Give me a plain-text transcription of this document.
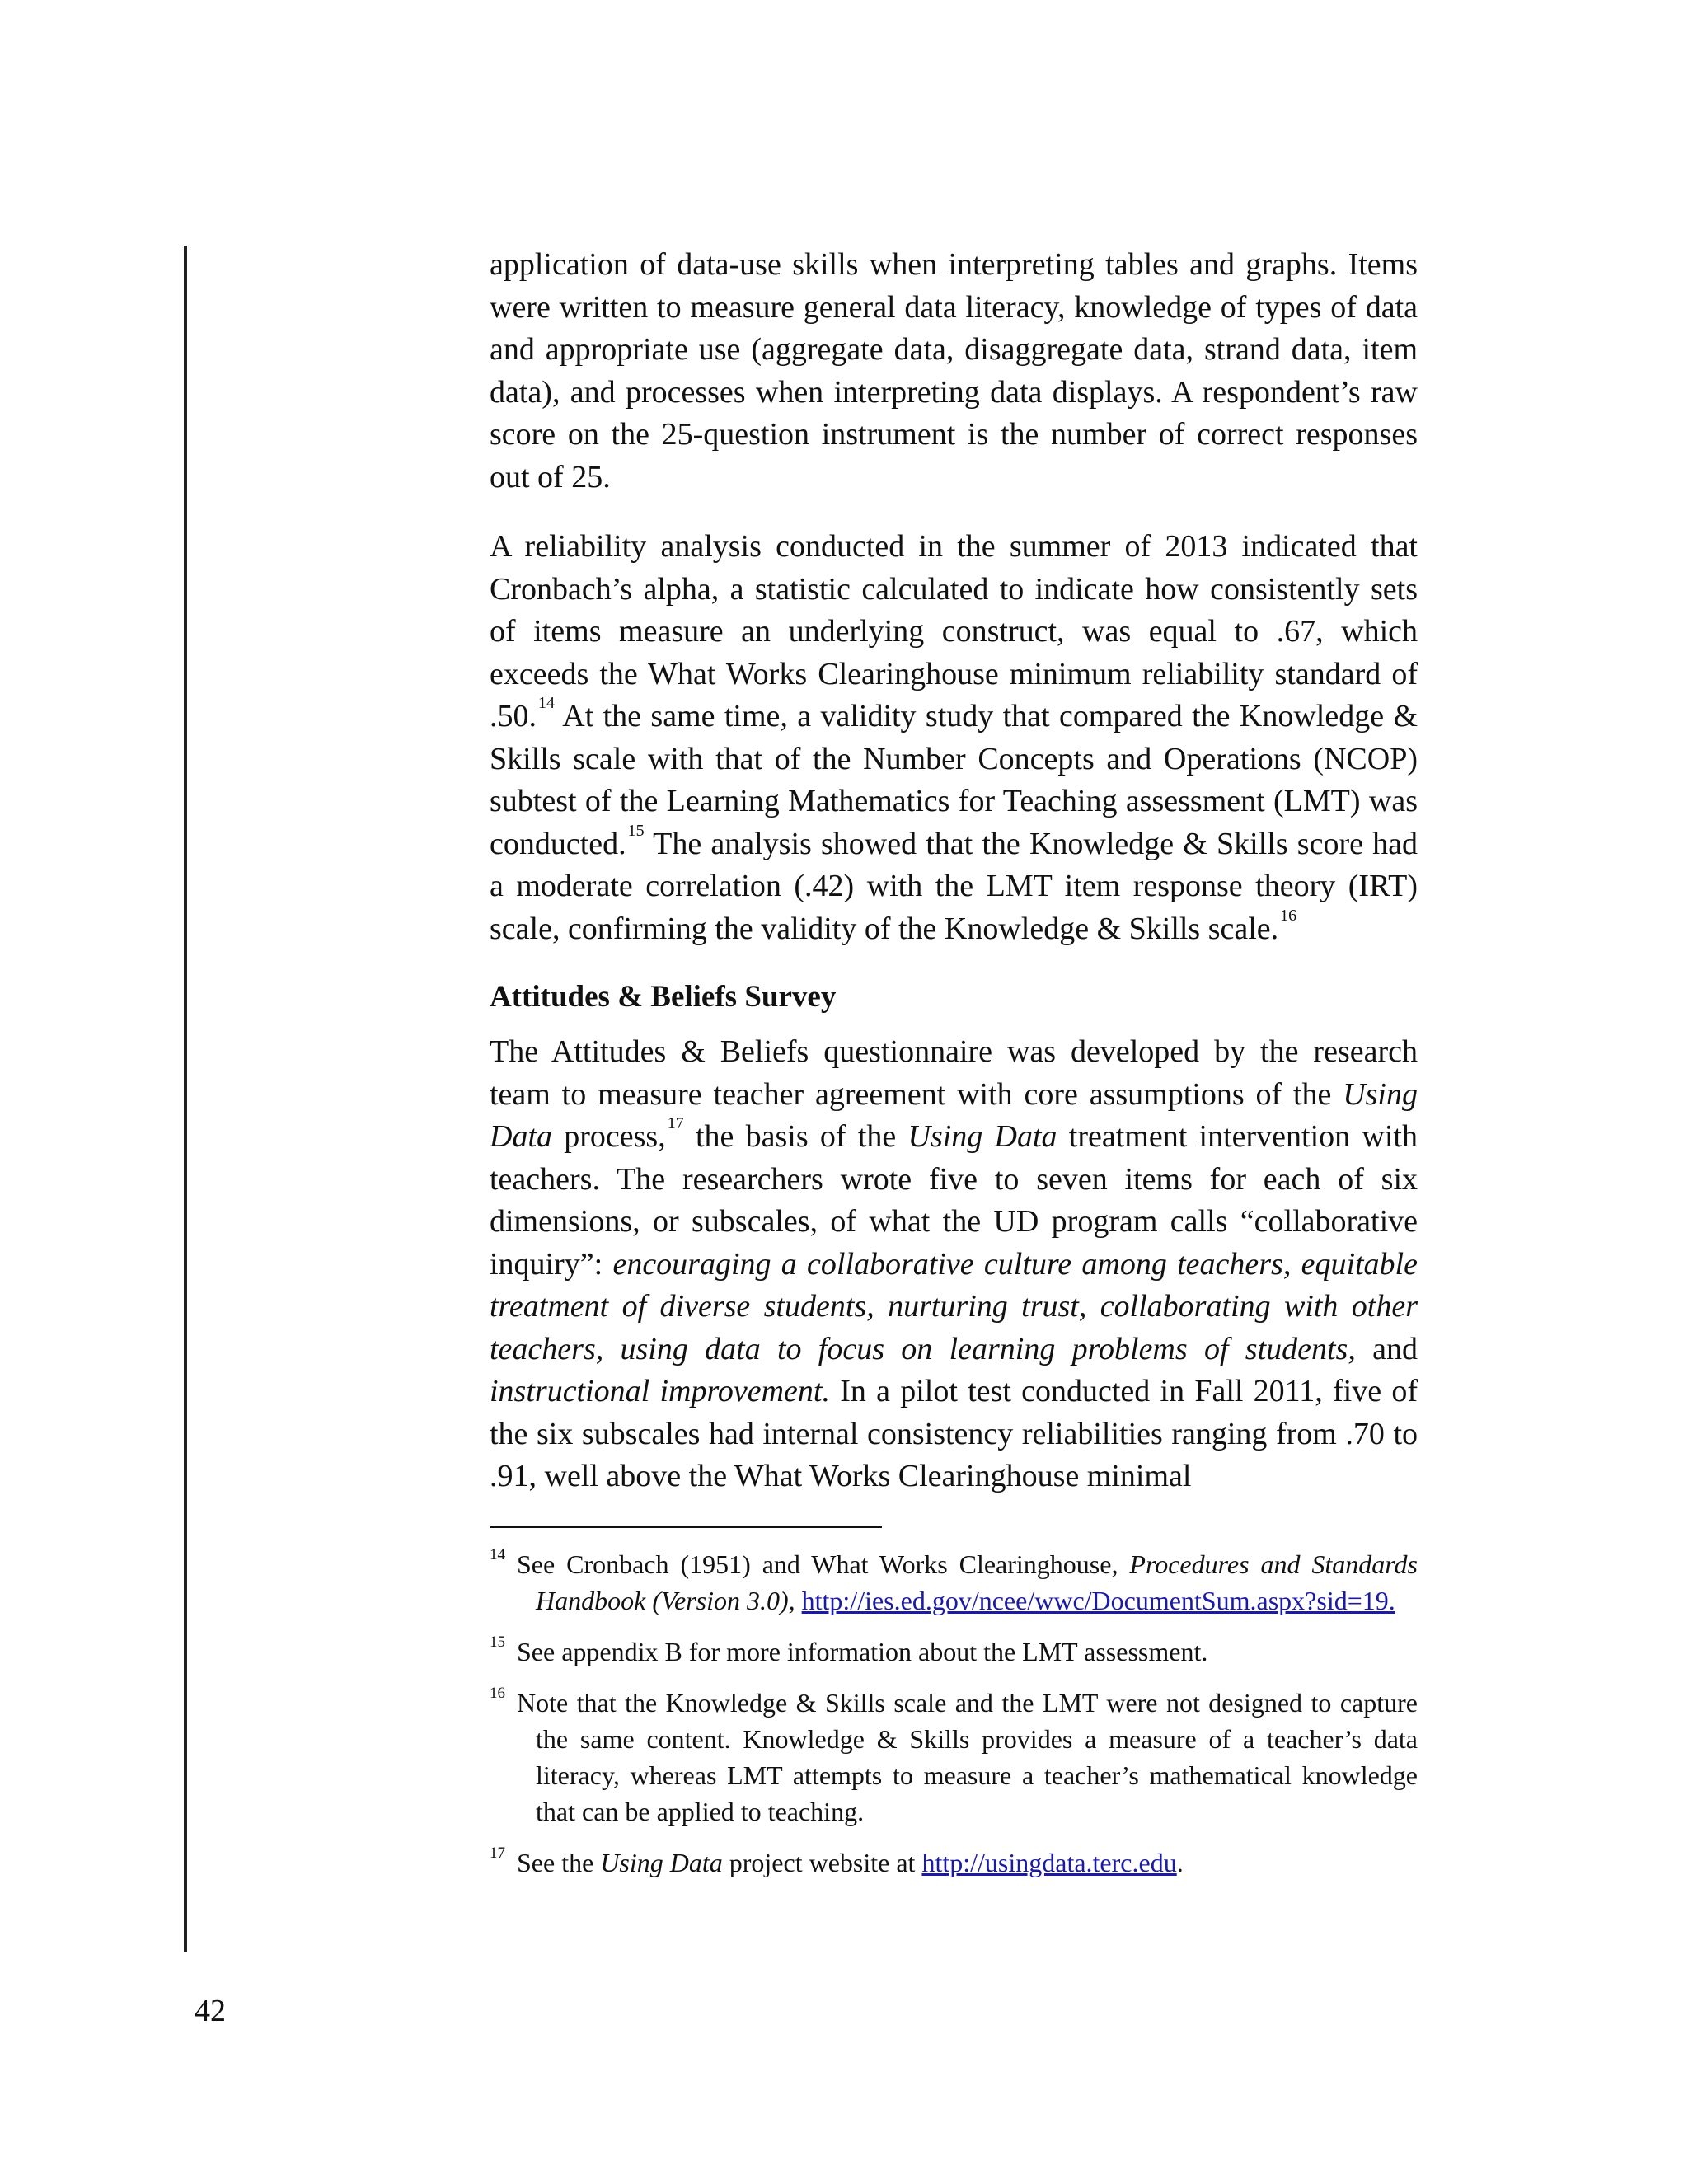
application of data-use skills when interpreting tables and graphs. Items were written to measure general data literacy, knowledge of types of data and appropriate use (aggregate data, disaggregate data, strand data, item data), and processes when interpreting data displays. A respondent’s raw score on the 25-question instrument is the number of correct responses out of 25.

A reliability analysis conducted in the summer of 2013 indicated that Cronbach’s alpha, a statistic calculated to indicate how consistently sets of items measure an underlying construct, was equal to .67, which exceeds the What Works Clearinghouse minimum reliability standard of .50. $^{14}$ At the same time, a validity study that compared the Knowledge & Skills scale with that of the Number Concepts and Operations (NCOP) subtest of the Learning Mathematics for Teaching assessment (LMT) was conducted. $^{15}$ The analysis showed that the Knowledge & Skills score had a moderate correlation (.42) with the LMT item response theory (IRT) scale, confirming the validity of the Knowledge & Skills scale. $^{16}$

Attitudes & Beliefs Survey

The Attitudes & Beliefs questionnaire was developed by the research team to measure teacher agreement with core assumptions of the Using Data process, $^{17}$ the basis of the Using Data treatment intervention with teachers. The researchers wrote five to seven items for each of six dimensions, or subscales, of what the UD program calls “collaborative inquiry”: encouraging a collaborative culture among teachers, equitable treatment of diverse students, nurturing trust, collaborating with other teachers, using data to focus on learning problems of students, and instructional improvement. In a pilot test conducted in Fall 2011, five of the six subscales had internal consistency reliabilities ranging from .70 to .91, well above the What Works Clearinghouse minimal

$^{14}$ See Cronbach (1951) and What Works Clearinghouse, Procedures and Standards Handbook (Version 3.0), http://ies.ed.gov/ncee/wwc/DocumentSum.aspx?sid=19.

$^{15}$ See appendix B for more information about the LMT assessment.

$^{16}$ Note that the Knowledge & Skills scale and the LMT were not designed to capture the same content. Knowledge & Skills provides a measure of a teacher’s data literacy, whereas LMT attempts to measure a teacher’s mathematical knowledge that can be applied to teaching.

$^{17}$ See the Using Data project website at http://usingdata.terc.edu.

42
